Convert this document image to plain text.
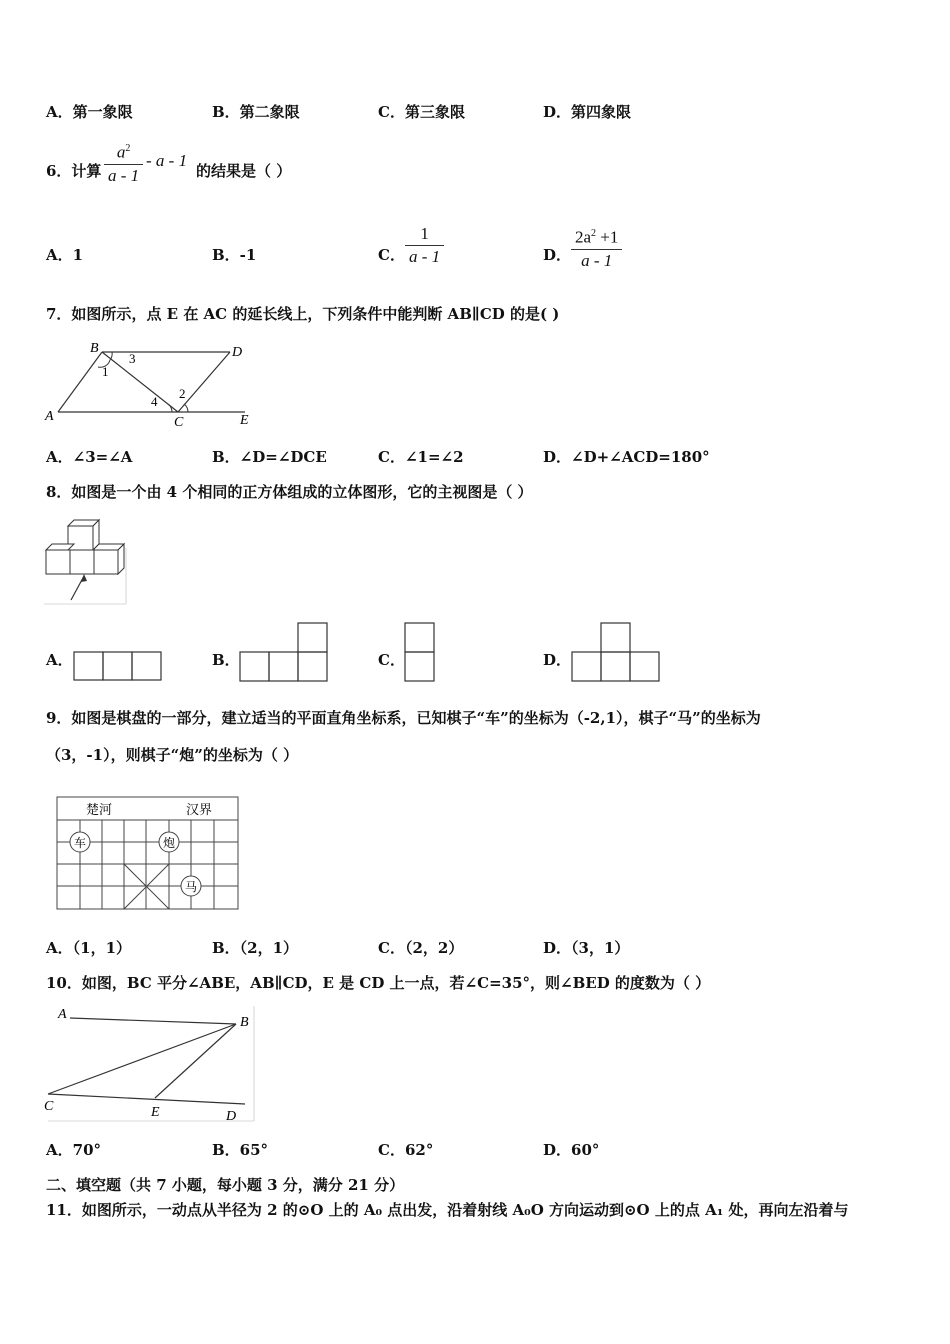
A．第一象限	B．第二象限	C．第三象限	D．第四象限
6．计算 $\frac{a^2}{a - 1}$ - a - 1
的结果是（ ）
A．1	B．-1	C． $\frac{1}{a - 1}$	D． $\frac{2a^2 +1}{a - 1}$
7．如图所示，点 E 在 AC 的延长线上，下列条件中能判断 AB∥CD 的是( )
A
B
C
D
E
1
2
3
4
A．∠3=∠A	B．∠D=∠DCE	C．∠1=∠2	D．∠D+∠ACD=180°
8．如图是一个由 4 个相同的正方体组成的立体图形，它的主视图是（ ）
A．	B．	C．	D．
9．如图是棋盘的一部分，建立适当的平面直角坐标系，已知棋子“车”的坐标为（-2,1），棋子“马”的坐标为
（3，-1），则棋子“炮”的坐标为（ ）
楚河	汉界
车	炮
马
A．（1，1）	B．（2，1）	C．（2，2）	D．（3，1）
10．如图，BC 平分∠ABE，AB∥CD，E 是 CD 上一点，若∠C=35°，则∠BED 的度数为（ ）
A
B
C	E	D
A．70°	B．65°	C．62°	D．60°
二、填空题（共 7 小题，每小题 3 分，满分 21 分）
11．如图所示，一动点从半径为 2 的⊙O 上的 A₀ 点出发，沿着射线 A₀O 方向运动到⊙O 上的点 A₁ 处，再向左沿着与
